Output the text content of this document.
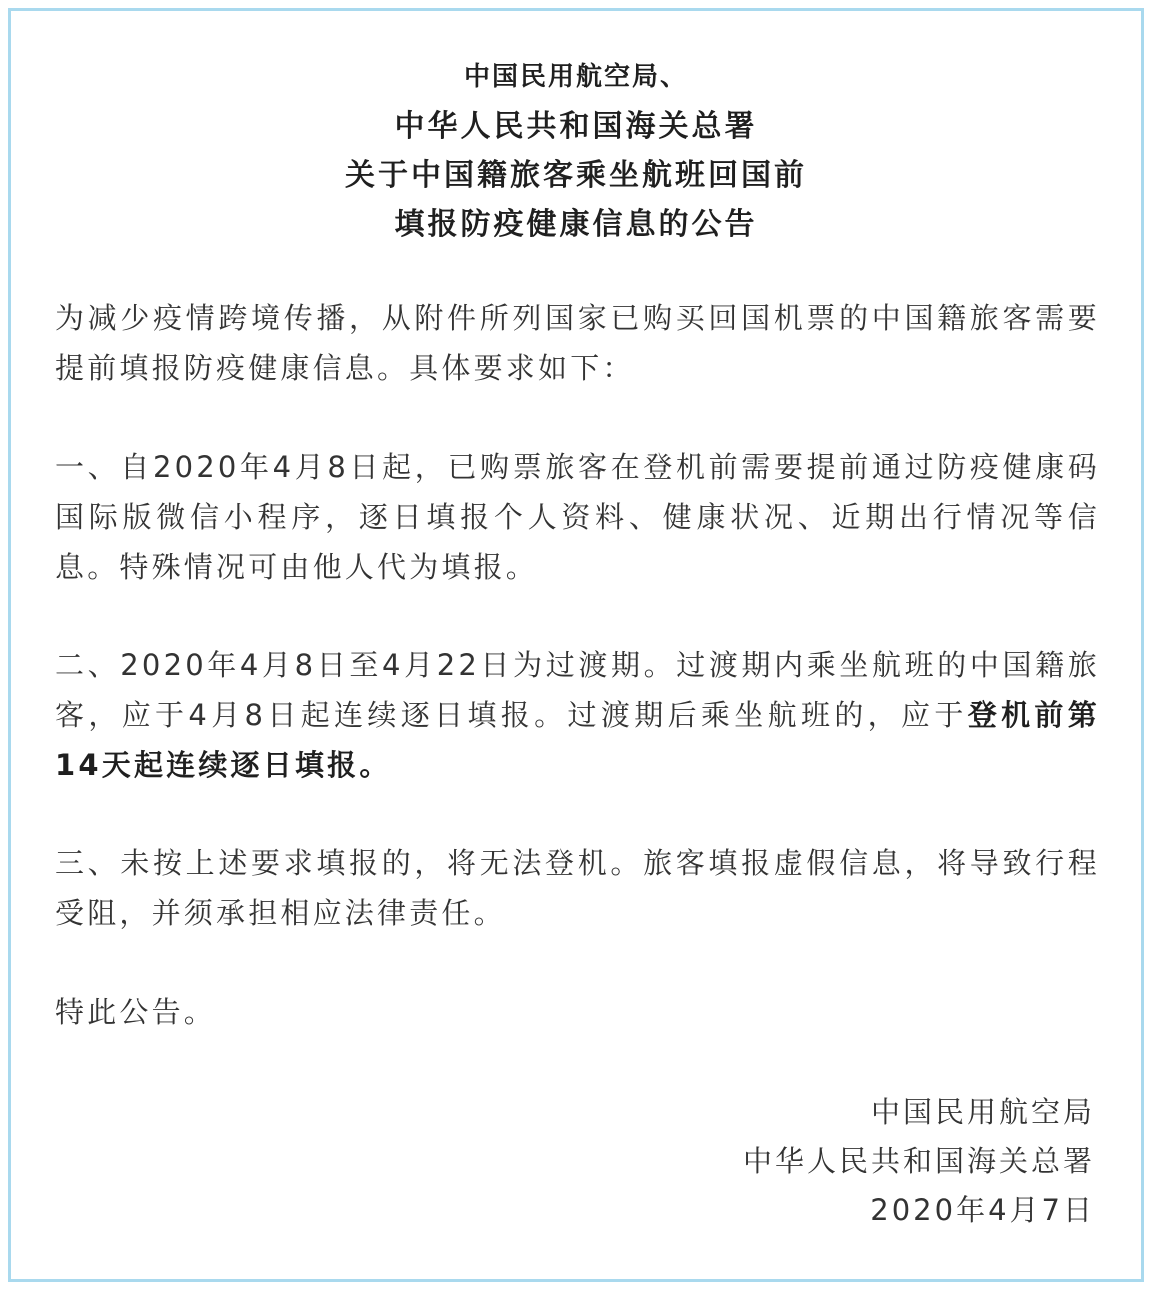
中国民用航空局、
中华人民共和国海关总署
关于中国籍旅客乘坐航班回国前
填报防疫健康信息的公告

为减少疫情跨境传播，从附件所列国家已购买回国机票的中国籍旅客需要提前填报防疫健康信息。具体要求如下：

一、自2020年4月8日起，已购票旅客在登机前需要提前通过防疫健康码国际版微信小程序，逐日填报个人资料、健康状况、近期出行情况等信息。特殊情况可由他人代为填报。

二、2020年4月8日至4月22日为过渡期。过渡期内乘坐航班的中国籍旅客，应于4月8日起连续逐日填报。过渡期后乘坐航班的，应于登机前第14天起连续逐日填报。

三、未按上述要求填报的，将无法登机。旅客填报虚假信息，将导致行程受阻，并须承担相应法律责任。

特此公告。

中国民用航空局
中华人民共和国海关总署
2020年4月7日
